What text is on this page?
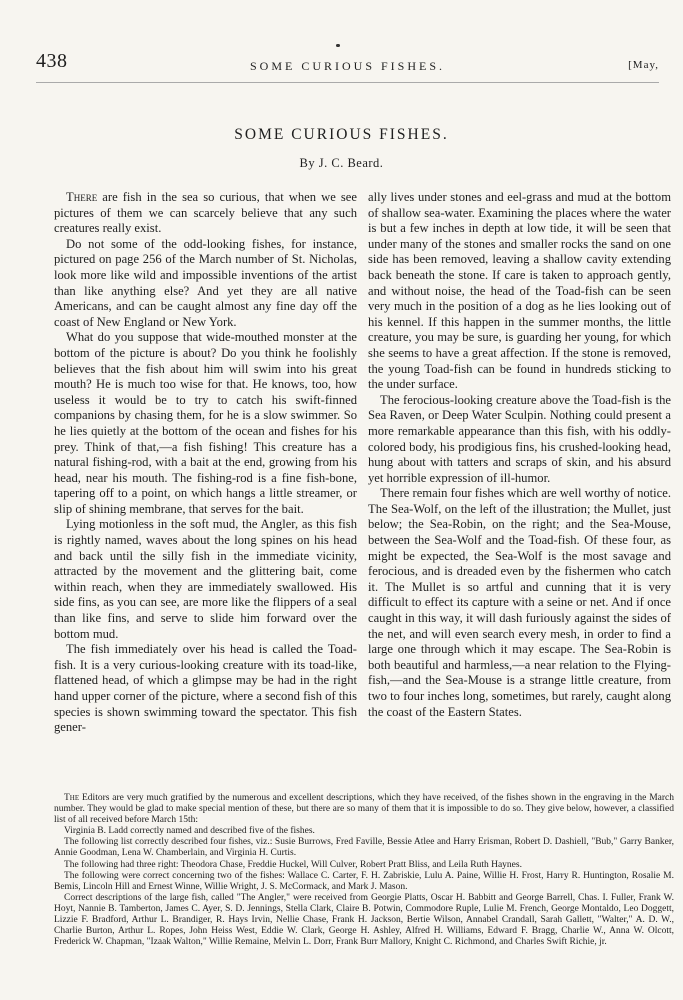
438	SOME CURIOUS FISHES.	[May,
SOME CURIOUS FISHES.
By J. C. Beard.

There are fish in the sea so curious, that when we see pictures of them we can scarcely believe that any such creatures really exist.

Do not some of the odd-looking fishes, for instance, pictured on page 256 of the March number of St. Nicholas, look more like wild and impossible inventions of the artist than like anything else? And yet they are all native Americans, and can be caught almost any fine day off the coast of New England or New York.

What do you suppose that wide-mouthed monster at the bottom of the picture is about? Do you think he foolishly believes that the fish about him will swim into his great mouth? He is much too wise for that. He knows, too, how useless it would be to try to catch his swift-finned companions by chasing them, for he is a slow swimmer. So he lies quietly at the bottom of the ocean and fishes for his prey. Think of that,—a fish fishing! This creature has a natural fishing-rod, with a bait at the end, growing from his head, near his mouth. The fishing-rod is a fine fish-bone, tapering off to a point, on which hangs a little streamer, or slip of shining membrane, that serves for the bait.

Lying motionless in the soft mud, the Angler, as this fish is rightly named, waves about the long spines on his head and back until the silly fish in the immediate vicinity, attracted by the movement and the glittering bait, come within reach, when they are immediately swallowed. His side fins, as you can see, are more like the flippers of a seal than like fins, and serve to slide him forward over the bottom mud.

The fish immediately over his head is called the Toad-fish. It is a very curious-looking creature with its toad-like, flattened head, of which a glimpse may be had in the right hand upper corner of the picture, where a second fish of this species is shown swimming toward the spectator. This fish gener-

ally lives under stones and eel-grass and mud at the bottom of shallow sea-water. Examining the places where the water is but a few inches in depth at low tide, it will be seen that under many of the stones and smaller rocks the sand on one side has been removed, leaving a shallow cavity extending back beneath the stone. If care is taken to approach gently, and without noise, the head of the Toad-fish can be seen very much in the position of a dog as he lies looking out of his kennel. If this happen in the summer months, the little creature, you may be sure, is guarding her young, for which she seems to have a great affection. If the stone is removed, the young Toad-fish can be found in hundreds sticking to the under surface.

The ferocious-looking creature above the Toad-fish is the Sea Raven, or Deep Water Sculpin. Nothing could present a more remarkable appearance than this fish, with his oddly-colored body, his prodigious fins, his crushed-looking head, hung about with tatters and scraps of skin, and his absurd yet horrible expression of ill-humor.

There remain four fishes which are well worthy of notice. The Sea-Wolf, on the left of the illustration; the Mullet, just below; the Sea-Robin, on the right; and the Sea-Mouse, between the Sea-Wolf and the Toad-fish. Of these four, as might be expected, the Sea-Wolf is the most savage and ferocious, and is dreaded even by the fishermen who catch it. The Mullet is so artful and cunning that it is very difficult to effect its capture with a seine or net. And if once caught in this way, it will dash furiously against the sides of the net, and will even search every mesh, in order to find a large one through which it may escape. The Sea-Robin is both beautiful and harmless,—a near relation to the Flying-fish,—and the Sea-Mouse is a strange little creature, from two to four inches long, sometimes, but rarely, caught along the coast of the Eastern States.

The Editors are very much gratified by the numerous and excellent descriptions, which they have received, of the fishes shown in the engraving in the March number. They would be glad to make special mention of these, but there are so many of them that it is impossible to do so. They give below, however, a classified list of all received before March 15th:

Virginia B. Ladd correctly named and described five of the fishes.

The following list correctly described four fishes, viz.: Susie Burrows, Fred Faville, Bessie Atlee and Harry Erisman, Robert D. Dashiell, "Bub," Garry Banker, Annie Goodman, Lena W. Chamberlain, and Virginia H. Curtis.

The following had three right: Theodora Chase, Freddie Huckel, Will Culver, Robert Pratt Bliss, and Leila Ruth Haynes.

The following were correct concerning two of the fishes: Wallace C. Carter, F. H. Zabriskie, Lulu A. Paine, Willie H. Frost, Harry R. Huntington, Rosalie M. Bemis, Lincoln Hill and Ernest Winne, Willie Wright, J. S. McCormack, and Mark J. Mason.

Correct descriptions of the large fish, called "The Angler," were received from Georgie Platts, Oscar H. Babbitt and George Barrell, Chas. I. Fuller, Frank W. Hoyt, Nannie B. Tamberton, James C. Ayer, S. D. Jennings, Stella Clark, Claire B. Potwin, Commodore Ruple, Lulie M. French, George Montaldo, Leo Doggett, Lizzie F. Bradford, Arthur L. Brandiger, R. Hays Irvin, Nellie Chase, Frank H. Jackson, Bertie Wilson, Annabel Crandall, Sarah Gallett, "Walter," A. D. W., Charlie Burton, Arthur L. Ropes, John Heiss West, Eddie W. Clark, George H. Ashley, Alfred H. Williams, Edward F. Bragg, Charlie W., Anna W. Olcott, Frederick W. Chapman, "Izaak Walton," Willie Remaine, Melvin L. Dorr, Frank Burr Mallory, Knight C. Richmond, and Charles Swift Richie, jr.
